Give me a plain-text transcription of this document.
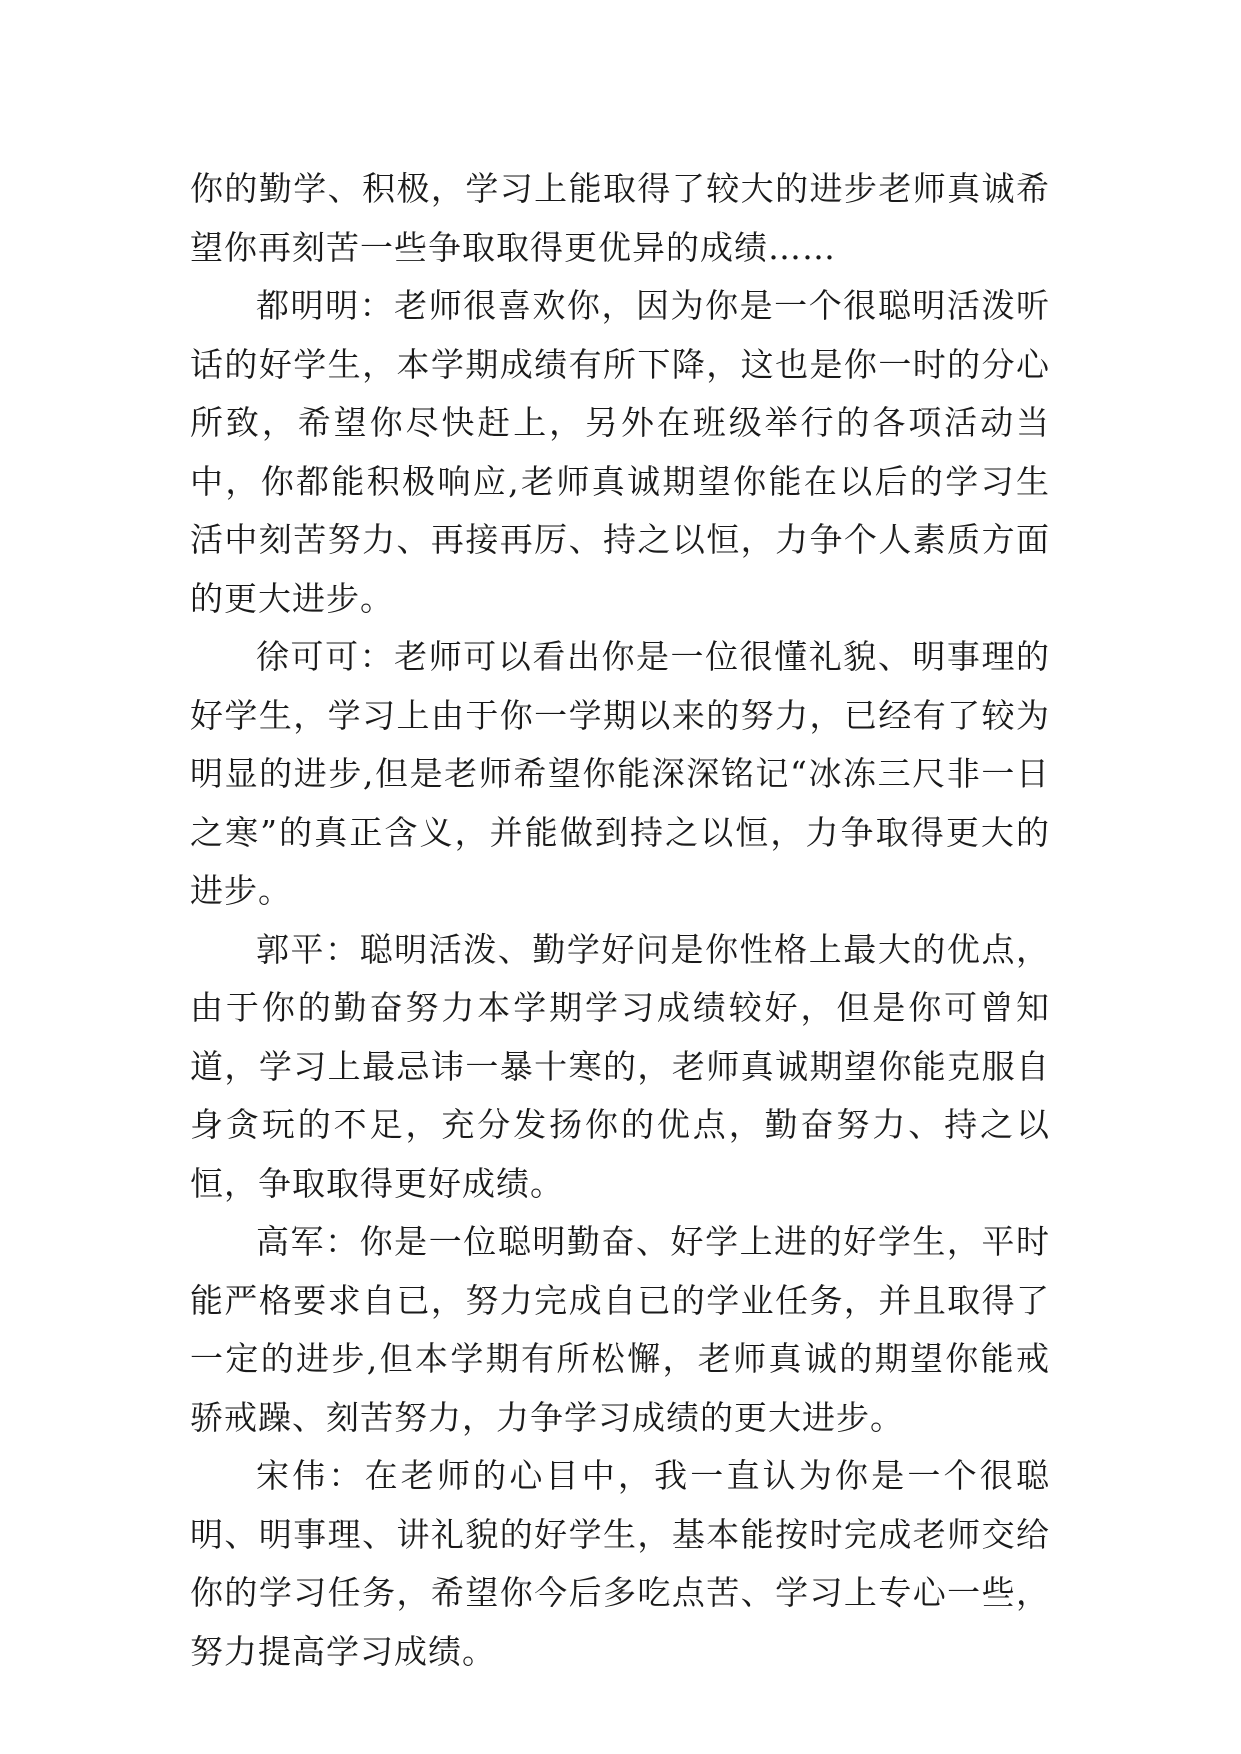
你的勤学、积极，学习上能取得了较大的进步老师真诚希望你再刻苦一些争取取得更优异的成绩……

都明明：老师很喜欢你，因为你是一个很聪明活泼听话的好学生，本学期成绩有所下降，这也是你一时的分心所致，希望你尽快赶上，另外在班级举行的各项活动当中，你都能积极响应,老师真诚期望你能在以后的学习生活中刻苦努力、再接再厉、持之以恒，力争个人素质方面的更大进步。

徐可可：老师可以看出你是一位很懂礼貌、明事理的好学生，学习上由于你一学期以来的努力，已经有了较为明显的进步,但是老师希望你能深深铭记“冰冻三尺非一日之寒”的真正含义，并能做到持之以恒，力争取得更大的进步。

郭平：聪明活泼、勤学好问是你性格上最大的优点，由于你的勤奋努力本学期学习成绩较好，但是你可曾知道，学习上最忌讳一暴十寒的，老师真诚期望你能克服自身贪玩的不足，充分发扬你的优点，勤奋努力、持之以恒，争取取得更好成绩。

高军：你是一位聪明勤奋、好学上进的好学生，平时能严格要求自已，努力完成自已的学业任务，并且取得了一定的进步,但本学期有所松懈，老师真诚的期望你能戒骄戒躁、刻苦努力，力争学习成绩的更大进步。

宋伟：在老师的心目中，我一直认为你是一个很聪明、明事理、讲礼貌的好学生，基本能按时完成老师交给你的学习任务，希望你今后多吃点苦、学习上专心一些，努力提高学习成绩。
